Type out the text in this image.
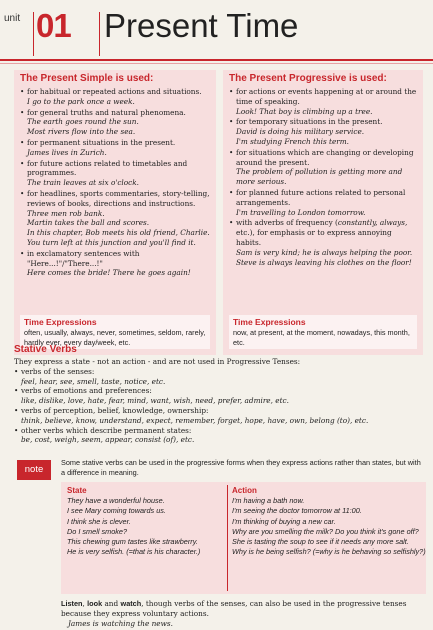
unit 01 Present Time
The Present Simple is used:
• for habitual or repeated actions and situations.
I go to the park once a week.
• for general truths and natural phenomena.
The earth goes round the sun.
Most rivers flow into the sea.
• for permanent situations in the present.
James lives in Zurich.
• for future actions related to timetables and programmes.
The train leaves at six o'clock.
• for headlines, sports commentaries, story-telling, reviews of books, directions and instructions.
Three men rob bank.
Martin takes the ball and scores.
In this chapter, Bob meets his old friend, Charlie.
You turn left at this junction and you'll find it.
• in exclamatory sentences with "Here...!"/"There...!"
Here comes the bride! There he goes again!
Time Expressions
often, usually, always, never, sometimes, seldom, rarely, hardly ever, every day/week, etc.
The Present Progressive is used:
• for actions or events happening at or around the time of speaking.
Look! That boy is climbing up a tree.
• for temporary situations in the present.
David is doing his military service.
I'm studying French this term.
• for situations which are changing or developing around the present.
The problem of pollution is getting more and more serious.
• for planned future actions related to personal arrangements.
I'm travelling to London tomorrow.
• with adverbs of frequency (constantly, always, etc.), for emphasis or to express annoying habits.
Sam is very kind; he is always helping the poor.
Steve is always leaving his clothes on the floor!
Time Expressions
now, at present, at the moment, nowadays, this month, etc.
Stative Verbs

They express a state - not an action - and are not used in Progressive Tenses:

• verbs of the senses:

feel, hear, see, smell, taste, notice, etc.

• verbs of emotions and preferences:

like, dislike, love, hate, fear, mind, want, wish, need, prefer, admire, etc.

• verbs of perception, belief, knowledge, ownership:

think, believe, know, understand, expect, remember, forget, hope, have, own, belong (to), etc.

• other verbs which describe permanent states:

be, cost, weigh, seem, appear, consist (of), etc.

note
Some stative verbs can be used in the progressive forms when they express actions rather than states, but with a difference in meaning.
State
They have a wonderful house.
I see Mary coming towards us.
I think she is clever.
Do I smell smoke?
This chewing gum tastes like strawberry.
He is very selfish. (=that is his character.)
Action
I'm having a bath now.
I'm seeing the doctor tomorrow at 11:00.
I'm thinking of buying a new car.
Why are you smelling the milk? Do you think it's gone off?
She is tasting the soup to see if it needs any more salt.
Why is he being selfish? (=why is he behaving so selfishly?)
Listen, look and watch, though verbs of the senses, can also be used in the progressive tenses because they express voluntary actions.
James is watching the news.
